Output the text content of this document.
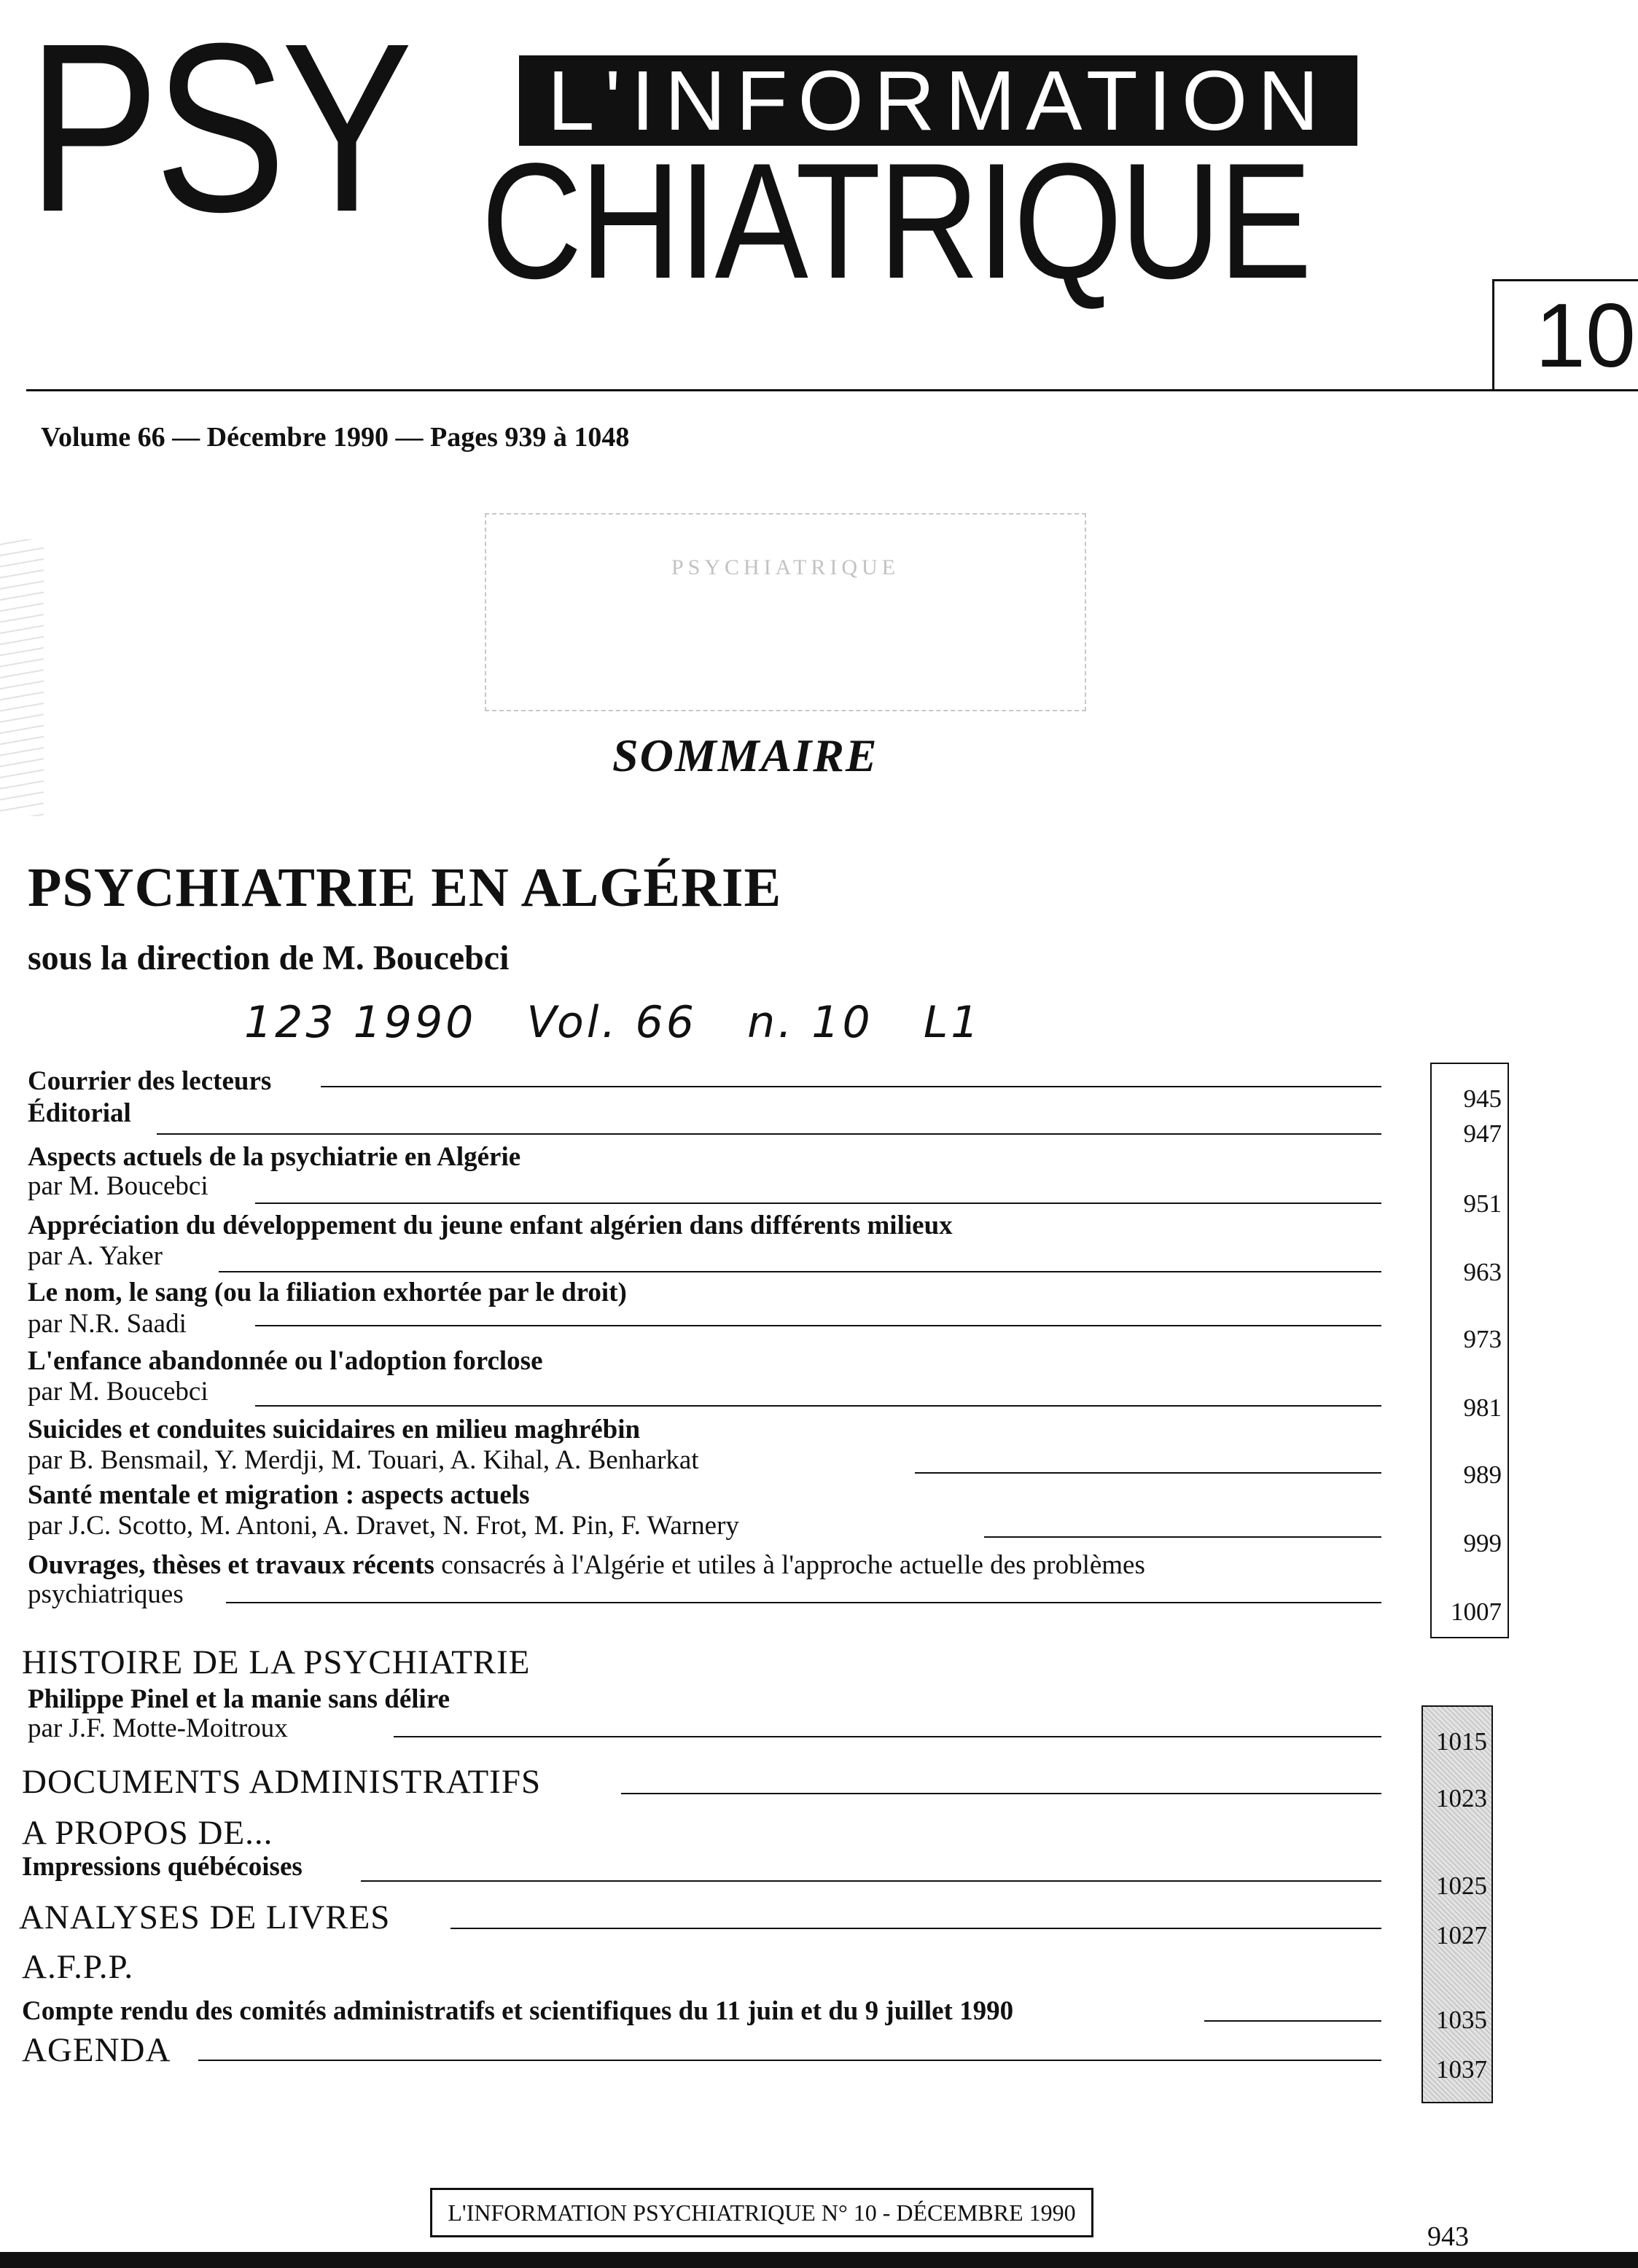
PSY	L'INFORMATION
CHIATRIQUE
10
Volume 66 — Décembre 1990 — Pages 939 à 1048
PSYCHIATRIQUE
SOMMAIRE
PSYCHIATRIE EN ALGÉRIE
sous la direction de M. Boucebci
123 1990   Vol. 66   n. 10   L1
Courrier des lecteurs
Éditorial
Aspects actuels de la psychiatrie en Algérie
par M. Boucebci
Appréciation du développement du jeune enfant algérien dans différents milieux
par A. Yaker
Le nom, le sang (ou la filiation exhortée par le droit)
par N.R. Saadi
L'enfance abandonnée ou l'adoption forclose
par M. Boucebci
Suicides et conduites suicidaires en milieu maghrébin
par B. Bensmail, Y. Merdji, M. Touari, A. Kihal, A. Benharkat
Santé mentale et migration : aspects actuels
par J.C. Scotto, M. Antoni, A. Dravet, N. Frot, M. Pin, F. Warnery
Ouvrages, thèses et travaux récents consacrés à l'Algérie et utiles à l'approche actuelle des problèmes
psychiatriques
945
947
951
963
973
981
989
999
1007
HISTOIRE DE LA PSYCHIATRIE
Philippe Pinel et la manie sans délire
par J.F. Motte-Moitroux
DOCUMENTS ADMINISTRATIFS
A PROPOS DE...
Impressions québécoises
ANALYSES DE LIVRES
A.F.P.P.
Compte rendu des comités administratifs et scientifiques du 11 juin et du 9 juillet 1990
AGENDA
1015
1023
1025
1027
1035
1037
L'INFORMATION PSYCHIATRIQUE N° 10 - DÉCEMBRE 1990
943
